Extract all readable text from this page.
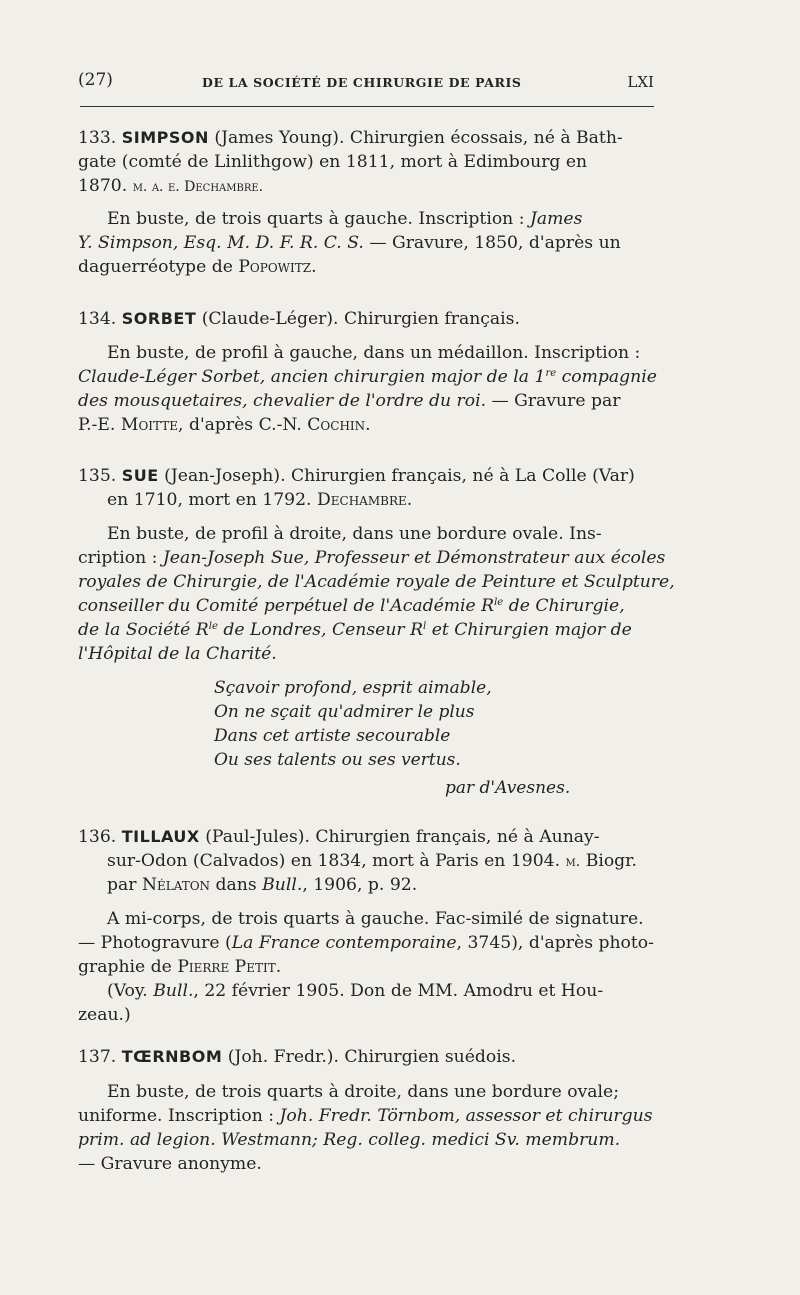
(27)	DE LA SOCIÉTÉ DE CHIRURGIE DE PARIS	LXI
133. SIMPSON (James Young). Chirurgien écossais, né à Bath-
gate (comté de Linlithgow) en 1811, mort à Edimbourg en
1870. m. a. e. Dechambre.
En buste, de trois quarts à gauche. Inscription : James
Y. Simpson, Esq. M. D. F. R. C. S. — Gravure, 1850, d'après un
daguerréotype de Popowitz.
134. SORBET (Claude-Léger). Chirurgien français.
En buste, de profil à gauche, dans un médaillon. Inscription :
Claude-Léger Sorbet, ancien chirurgien major de la 1re compagnie
des mousquetaires, chevalier de l'ordre du roi. — Gravure par
P.-E. Moitte, d'après C.-N. Cochin.
135. SUE (Jean-Joseph). Chirurgien français, né à La Colle (Var)
en 1710, mort en 1792. Dechambre.
En buste, de profil à droite, dans une bordure ovale. Ins-
cription : Jean-Joseph Sue, Professeur et Démonstrateur aux écoles
royales de Chirurgie, de l'Académie royale de Peinture et Sculpture,
conseiller du Comité perpétuel de l'Académie $R^{le}$ de Chirurgie,
de la Société $R^{le}$ de Londres, Censeur $R^l$ et Chirurgien major de
l'Hôpital de la Charité.
Sçavoir profond, esprit aimable,
On ne sçait qu'admirer le plus
Dans cet artiste secourable
Ou ses talents ou ses vertus.
par d'Avesnes.
136. TILLAUX (Paul-Jules). Chirurgien français, né à Aunay-
sur-Odon (Calvados) en 1834, mort à Paris en 1904. m. Biogr.
par Nélaton dans Bull., 1906, p. 92.
A mi-corps, de trois quarts à gauche. Fac-similé de signature.
— Photogravure (La France contemporaine, 3745), d'après photo-
graphie de Pierre Petit.
(Voy. Bull., 22 février 1905. Don de MM. Amodru et Hou-
zeau.)
137. TŒRNBOM (Joh. Fredr.). Chirurgien suédois.
En buste, de trois quarts à droite, dans une bordure ovale;
uniforme. Inscription : Joh. Fredr. Törnbom, assessor et chirurgus
prim. ad legion. Westmann; Reg. colleg. medici Sv. membrum.
— Gravure anonyme.
